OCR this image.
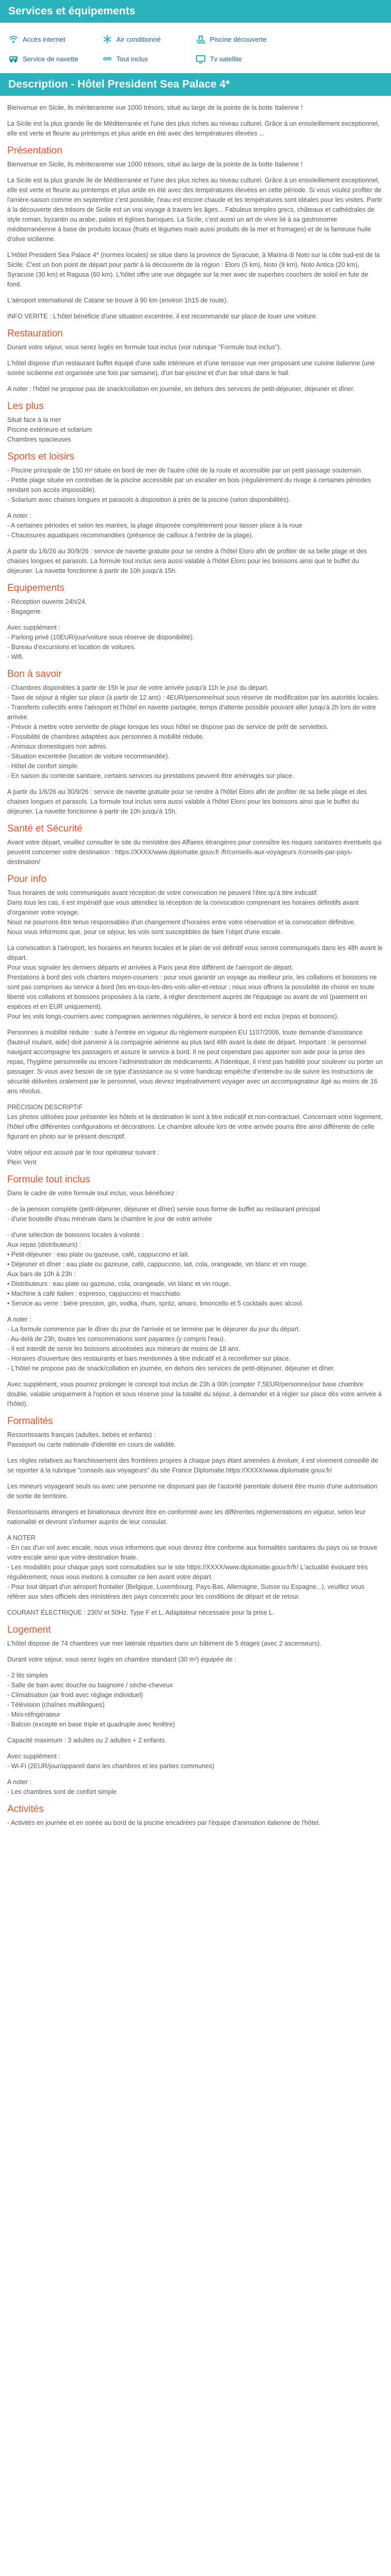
Services et équipements
Accès internet	Air conditionné	Piscine découverte
Service de navette	Tout inclus	Tv satellite
Description - Hôtel President Sea Palace 4*

Bienvenue en Sicile, ils mériterareme vue 1000 trésors, situé au large de la pointe de la botte Italienne !

La Sicile est la plus grande île de Méditerranée et l'une des plus riches au niveau culturel. Grâce à un ensoleillement exceptionnel, elle est verte et fleurie au printemps et plus aride en été avec des températures élevées ...

Présentation

Bienvenue en Sicile, ils mériterareme vue 1000 trésors, situé au large de la pointe de la botte Italienne !

La Sicile est la plus grande île de Méditerranée et l'une des plus riches au niveau culturel. Grâce à un ensoleillement exceptionnel, elle est verte et fleurie au printemps et plus aride en été avec des températures élevées en cette période. Si vous voulez profiter de l'arrière-saison comme en septembre c'est possible, l'eau est encore chaude et les températures sont idéales pour les visites. Partir à la découverte des trésors de Sicile est un vrai voyage à travers les âges... Fabuleux temples grecs, châteaux et cathédrales de style roman, byzantin ou arabe, palais et églises baroques. La Sicile, c'est aussi un art de vivre lié à sa gastronomie méditerranéenne à base de produits locaux (fruits et légumes mais aussi produits de la mer et fromages) et de la fameuse huile d'olive sicilienne.

L'Hôtel President Sea Palace 4* (normes locales) se situe dans la province de Syracuse, à Marina di Noto sur la côte sud-est de la Sicile. C'est un bon point de départ pour partir à la découverte de la région : Eloro (5 km), Noto (9 km), Noto Antica (20 km), Syracuse (30 km) et Ragusa (60 km). L'hôtel offre une vue dégagée sur la mer avec de superbes couchers de soleil en fute de fond.

L'aéroport international de Catane se trouve à 90 km (environ 1h15 de route).

INFO VERITE : L'hôtel bénéficie d'une situation excentrée, il est recommandé sur place de louer une voiture.

Restauration

Durant votre séjour, vous serez logés en formule tout inclus (voir rubrique "Formule tout inclus").

L'hôtel dispose d'un restaurant buffet équipé d'une salle intérieure et d'une terrasse vue mer proposant une cuisine italienne (une soirée sicilienne est organisée une fois par semaine), d'un bar-piscine et d'un bar situé dans le hall.

A noter : l'hôtel ne propose pas de snack/collation en journée, en dehors des services de petit-déjeuner, déjeuner et dîner.

Les plus

Situé face à la mer
Piscine extérieure et solarium
Chambres spacieuses

Sports et loisirs

- Piscine principale de 150 m² située en bord de mer de l'autre côté de la route et accessible par un petit passage souterrain.
- Petite plage située en contrebas de la piscine accessible par un escalier en bois (régulièrement du rivage à certaines périodes rendant son accès impossible).
- Solarium avec chaises longues et parasols à disposition à près de la piscine (selon disponibilités).

A noter :
- A certaines périodes et selon les marées, la plage disposée complètement pour laisser place à la roue
- Chaussures aquatiques recommandées (présence de cailloux à l'entrée de la plage).

A partir du 1/6/26 au 30/9/26 : service de navette gratuite pour se rendre à l'hôtel Eloro afin de profiter de sa belle plage et des chaises longues et parasols. La formule tout inclus sera aussi valable à l'hôtel Eloro pour les boissons ainsi que le buffet du déjeuner. La navette fonctionne à partir de 10h jusqu'à 15h.

Equipements

- Réception ouverte 24h/24.
- Bagagerie.

Avec supplément :
- Parking privé (10EUR/jour/voiture sous réserve de disponibilité).
- Bureau d'excursions et location de voitures.
- Wifi.

Bon à savoir

- Chambres disponibles à partir de 15h le jour de votre arrivée jusqu'à 11h le jour du départ.
- Taxe de séjour à régler sur place (à partir de 12 ans) : 4EUR/personne/nuit sous réserve de modification par les autorités locales.
- Transferts collectifs entre l'aéroport et l'hôtel en navette partagée, temps d'attente possible pouvant aller jusqu'à 2h lors de votre arrivée.
- Prévoir à mettre votre serviette de plage lorsque les vous hôtel ne dispose pas de service de prêt de serviettes.
- Possibilité de chambres adaptées aux personnes à mobilité réduite.
- Animaux domestiques non admis.
- Situation excentrée (location de voiture recommandée).
- Hôtel de confort simple.
- En saison du contexte sanitaire, certains services ou prestations peuvent être aménagés sur place.

A partir du 1/6/26 au 30/9/26 : service de navette gratuite pour se rendre à l'hôtel Eloro afin de profiter de sa belle plage et des chaises longues et parasols. La formule tout inclus sera aussi valable à l'hôtel Eloro pour les boissons ainsi que le buffet du déjeuner. La navette fonctionne à partir de 10h jusqu'à 15h.

Santé et Sécurité

Avant votre départ, veuillez consulter le site du ministère des Affaires étrangères pour connaître les risques sanitaires éventuels qui peuvent concerner votre destination : https://XXXX/www.diplomatie.gouv.fr /fr/conseils-aux-voyageurs /conseils-par-pays-destination/

Pour info

Tous horaires de vols communiqués avant réception de votre convocation ne peuvent l'être qu'à titre indicatif.
Dans tous les cas, il est impératif que vous attendiez la réception de la convocation comprenant les horaires définitifs avant d'organiser votre voyage.
Nous ne pourrons être tenus responsables d'un changement d'horaires entre votre réservation et la convocation définitive.
Nous vous informons que, pour ce séjour, les vols sont susceptibles de faire l'objet d'une escale.

La convocation à l'aéroport, les horaires en heures locales et le plan de vol définitif vous seront communiqués dans les 48h avant le départ.
Pour vous signaler les derniers départs et arrivées à Paris peut être différent de l'aéroport de départ.
Prestations à bord des vols charters moyen-courriers : pour vous garantir un voyage au meilleur prix, les collations et boissons ne sont pas comprises au service à bord (les en-tous-les-des-vols-aller-et-retour ; nous vous offrons la possibilité de choisir en toute liberté vos collations et boissons proposées à la carte, à régler directement auprès de l'équipage ou avant de vol (paiement en espèces et en EUR uniquement).
Pour les vols longs-courriers avec compagnies aériennes régulières, le service à bord est inclus (repas et boissons).

Personnes à mobilité réduite : suite à l'entrée en vigueur du règlement européen EU 1107/2006, toute demande d'assistance (fauteuil roulant, aide) doit parvenir à la compagnie aérienne au plus tard 48h avant la date de départ. Important : le personnel navigant accompagne les passagers et assure le service à bord. Il ne peut cependant pas apporter son aide pour la prise des repas, l'hygiène personnelle ou encore l'administration de médicaments. A l'identique, il n'est pas habilité pour soulever ou porter un passager. Si vous avez besoin de ce type d'assistance ou si votre handicap empêche d'entendre ou de suivre les instructions de sécurité délivrées oralement par le personnel, vous devrez impérativement voyager avec un accompagnateur âgé au moins de 16 ans révolus.

PRÉCISION DESCRIPTIF
Les photos utilisées pour présenter les hôtels et la destination le sont à titre indicatif et non-contractuel. Concernant votre logement, l'hôtel offre différentes configurations et décorations. Le chambre allouée lors de votre arrivée pourra être ainsi différente de celle figurant en photo sur le présent descriptif.

Votre séjour est assuré par le tour opérateur suivant :
Plein Vent

Formule tout inclus

Dans le cadre de votre formule tout inclus, vous bénéficiez :

- de la pension complète (petit-déjeuner, déjeuner et dîner) servie sous forme de buffet au restaurant principal
- d'une bouteille d'eau minérale dans la chambre le jour de votre arrivée

- d'une sélection de boissons locales à volonté :
Aux repas (distributeurs) :
• Petit-déjeuner : eau plate ou gazeuse, café, cappuccino et lait.
• Déjeuner et dîner : eau plate ou gazeuse, café, cappuccino, lait, cola, orangeade, vin blanc et vin rouge.
Aux bars de 10h à 23h :
• Distributeurs : eau plate ou gazeuse, cola, orangeade, vin blanc et vin rouge.
• Machine à café italien : espresso, cappuccino et macchiato.
• Service au verre : bière pression, gin, vodka, rhum, spritz, amaro, limoncello et 5 cocktails avec alcool.

A noter :
- La formule commence par le dîner du jour de l'arrivée et se termine par le déjeuner du jour du départ.
- Au-delà de 23h, toutes les consommations sont payantes (y compris l'eau).
- Il est interdit de servir les boissons alcoolisées aux mineurs de moins de 18 ans.
- Horaires d'ouverture des restaurants et bars mentionnés à titre indicatif et à reconfirmer sur place.
- L'hôtel ne propose pas de snack/collation en journée, en dehors des services de petit-déjeuner, déjeuner et dîner.

Avec supplément, vous pourrez prolonger le concept tout inclus de 23h à 00h (compter 7,5EUR/personne/jour base chambre double, valable uniquement à l'option et sous réserve pour la totalité du séjour, à demander et à régler sur place dès votre arrivée à l'hôtel).

Formalités

Ressortissants français (adultes, bébés et enfants) :
Passeport ou carte nationale d'identité en cours de validité.

Les règles relatives au franchissement des frontières propres à chaque pays étant amenées à évoluer, il est vivement conseillé de se reporter à la rubrique "conseils aux voyageurs" du site France Diplomatie.https://XXXX/www.diplomatie.gouv.fr/

Les mineurs voyageant seuls ou avec une personne ne disposant pas de l'autorité parentale doivent être munis d'une autorisation de sortie de territoire.

Ressortissants étrangers et binationaux devront être en conformité avec les différentes réglementations en vigueur, selon leur nationalité et devront s'informer auprès de leur consulat.

A NOTER
- En cas d'un vol avec escale, nous vous informons que vous devrez être conforme aux formalités sanitaires du pays où se trouve votre escale ainsi que votre destination finale.
- Les modalités pour chaque pays sont consultables sur le site https://XXXX/www.diplomatie.gouv.fr/fr/ L'actualité évoluant très régulièrement, nous vous invitons à consulter ce lien avant votre départ.
- Pour tout départ d'un aéroport frontalier (Belgique, Luxembourg, Pays-Bas, Allemagne, Suisse ou Espagne...), veuillez vous référer aux sites officiels des ministères des pays concernés pour les conditions de départ et de retour.

COURANT ÉLECTRIQUE : 230V et 50Hz. Type F et L. Adaptateur nécessaire pour la prise L.

Logement

L'hôtel dispose de 74 chambres vue mer latérale réparties dans un bâtiment de 5 étages (avec 2 ascenseurs).

Durant votre séjour, vous serez logés en chambre standard (30 m²) équipée de :

- 2 lits simples
- Salle de bain avec douche ou baignoire / sèche-cheveux
- Climatisation (air froid avec réglage individuel)
- Télévision (chaînes multilingues)
- Mini-réfrigérateur
- Balcon (excepté en base triple et quadruple avec fenêtre)

Capacité maximum : 3 adultes ou 2 adultes + 2 enfants.

Avec supplément :
- Wi-Fi (2EUR/jour/appareil dans les chambres et les parties communes)

A noter :
- Les chambres sont de confort simple

Activités

- Activités en journée et en soirée au bord de la piscine encadrées par l'équipe d'animation italienne de l'hôtel.
